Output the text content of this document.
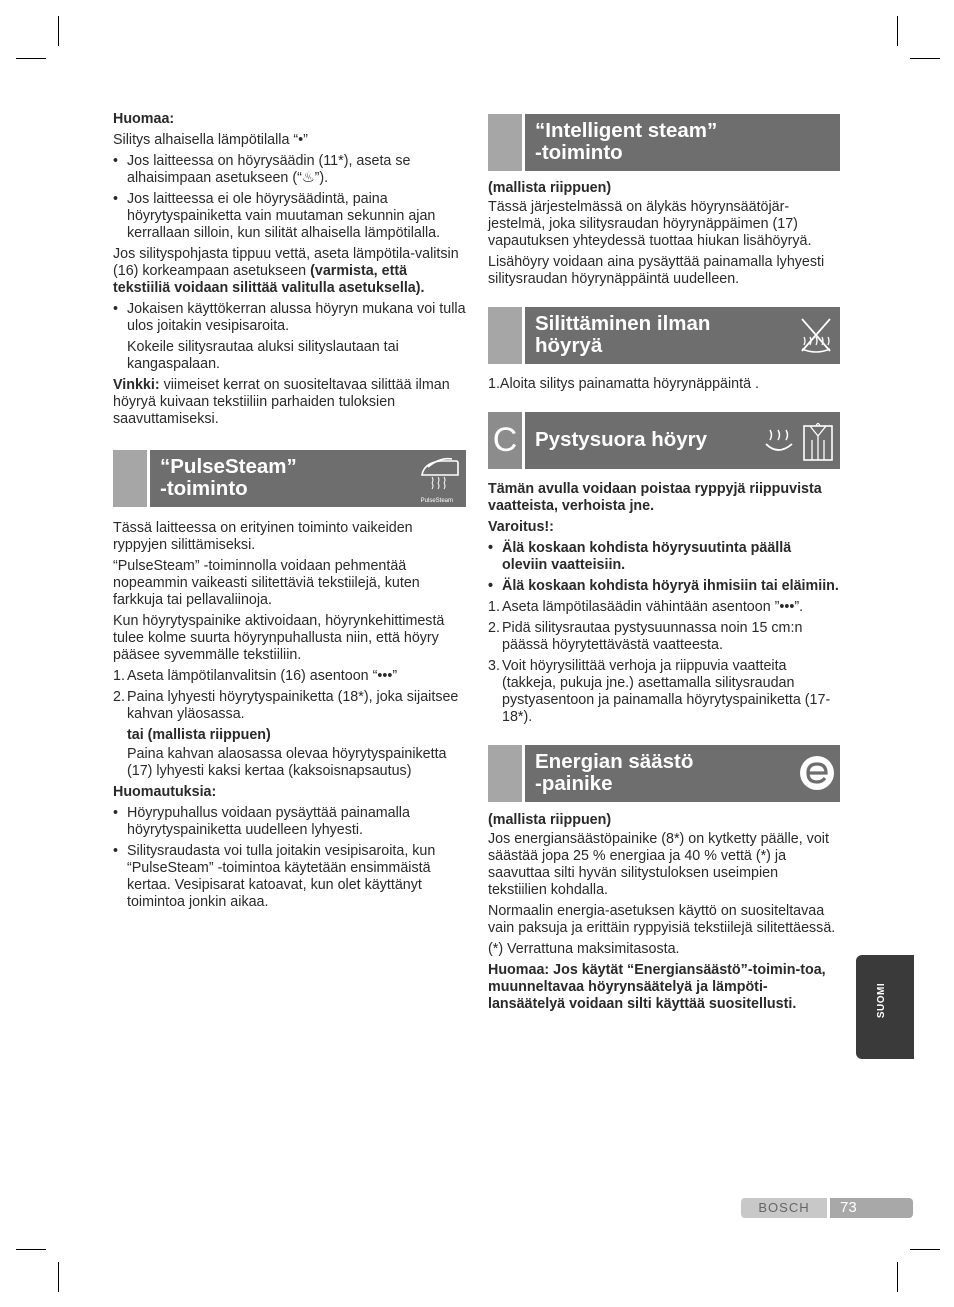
Huomaa:

Silitys alhaisella lämpötilalla “•”

• Jos laitteessa on höyrysäädin (11*), aseta se alhaisimpaan asetukseen (“♨”).

• Jos laitteessa ei ole höyrysäädintä, paina höyrytyspainiketta vain muutaman sekunnin ajan kerrallaan silloin, kun silität alhaisella lämpötilalla.

Jos silityspohjasta tippuu vettä, aseta lämpötila-valitsin (16) korkeampaan asetukseen (varmista, että tekstiiliä voidaan silittää valitulla asetuksella).

• Jokaisen käyttökerran alussa höyryn mukana voi tulla ulos joitakin vesipisaroita.

Kokeile silitysrautaa aluksi silityslautaan tai kangaspalaan.

Vinkki: viimeiset kerrat on suositeltavaa silittää ilman höyryä kuivaan tekstiiliin parhaiden tuloksien saavuttamiseksi.

“PulseSteam”
-toiminto
PulseSteam

Tässä laitteessa on erityinen toiminto vaikeiden ryppyjen silittämiseksi.

“PulseSteam” -toiminnolla voidaan pehmentää nopeammin vaikeasti silitettäviä tekstiilejä, kuten farkkuja tai pellavaliinoja.

Kun höyrytyspainike aktivoidaan, höyrynkehittimestä tulee kolme suurta höyrynpuhallusta niin, että höyry pääsee syvemmälle tekstiiliin.

1. Aseta lämpötilanvalitsin (16) asentoon “•••”

2. Paina lyhyesti höyrytyspainiketta (18*), joka sijaitsee kahvan yläosassa.

tai (mallista riippuen)

Paina kahvan alaosassa olevaa höyrytyspainiketta (17) lyhyesti kaksi kertaa (kaksoisnapsautus)

Huomautuksia:

• Höyrypuhallus voidaan pysäyttää painamalla höyrytyspainiketta uudelleen lyhyesti.

• Silitysraudasta voi tulla joitakin vesipisaroita, kun “PulseSteam” -toimintoa käytetään ensimmäistä kertaa. Vesipisarat katoavat, kun olet käyttänyt toimintoa jonkin aikaa.

“Intelligent steam”
-toiminto

(mallista riippuen)

Tässä järjestelmässä on älykäs höyrynsäätöjär-jestelmä, joka silitysraudan höyrynäppäimen (17) vapautuksen yhteydessä tuottaa hiukan lisähöyryä.

Lisähöyry voidaan aina pysäyttää painamalla lyhyesti silitysraudan höyrynäppäintä uudelleen.

Silittäminen ilman
höyryä

1.Aloita silitys painamatta höyrynäppäintä .

C Pystysuora höyry

Tämän avulla voidaan poistaa ryppyjä riippuvista vaatteista, verhoista jne.

Varoitus!:

• Älä koskaan kohdista höyrysuutinta päällä oleviin vaatteisiin.

• Älä koskaan kohdista höyryä ihmisiin tai eläimiin.

1. Aseta lämpötilasäädin vähintään asentoon ”•••”.

2. Pidä silitysrautaa pystysuunnassa noin 15 cm:n päässä höyrytettävästä vaatteesta.

3. Voit höyrysilittää verhoja ja riippuvia vaatteita (takkeja, pukuja jne.) asettamalla silitysraudan pystyasentoon ja painamalla höyrytyspainiketta (17-18*).

Energian säästö
-painike

(mallista riippuen)

Jos energiansäästöpainike (8*) on kytketty päälle, voit säästää jopa 25 % energiaa ja 40 % vettä (*) ja saavuttaa silti hyvän silitystuloksen useimpien tekstiilien kohdalla.

Normaalin energia-asetuksen käyttö on suositeltavaa vain paksuja ja erittäin ryppyisiä tekstiilejä silitettäessä.

(*) Verrattuna maksimitasosta.

Huomaa: Jos käytät “Energiansäästö”-toimin-toa, muunneltavaa höyrynsäätelyä ja lämpöti-lansäätelyä voidaan silti käyttää suositellusti.	SUOMI
BOSCH	73
